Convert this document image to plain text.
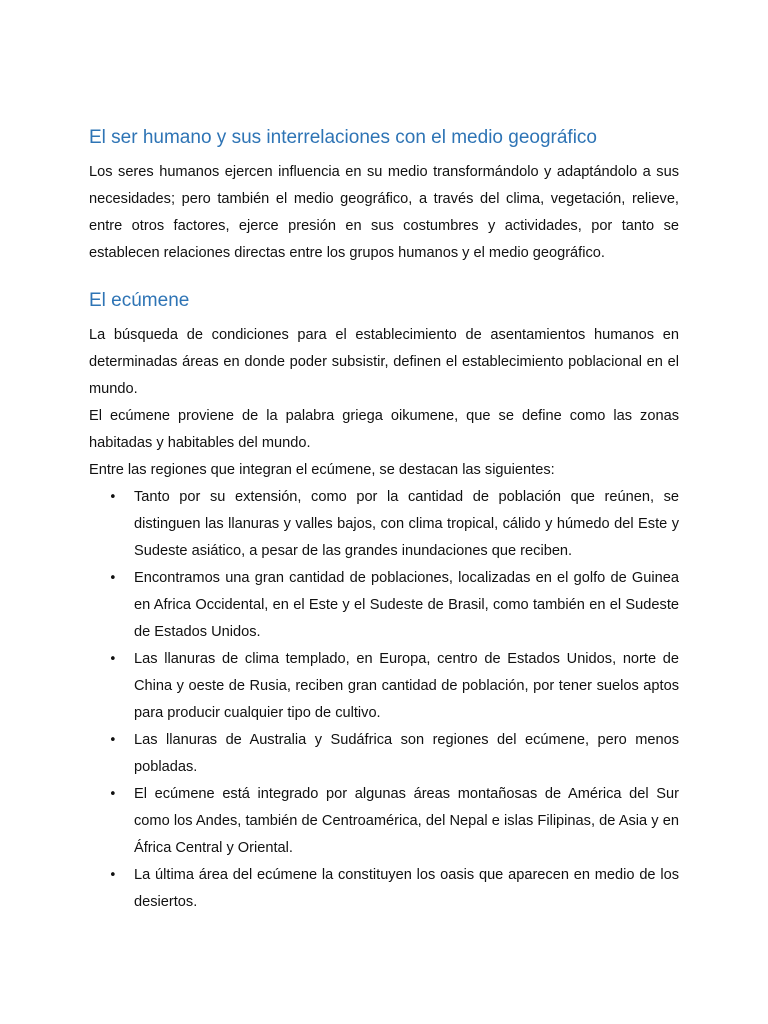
El ser humano y sus interrelaciones con el medio geográfico

Los seres humanos ejercen influencia en su medio transformándolo y adaptándolo a sus necesidades; pero también el medio geográfico, a través del clima, vegetación, relieve, entre otros factores, ejerce presión en sus costumbres y actividades, por tanto se establecen relaciones directas entre los grupos humanos y el medio geográfico.

El ecúmene

La búsqueda de condiciones para el establecimiento de asentamientos humanos en determinadas áreas en donde poder subsistir, definen el establecimiento poblacional en el mundo.

El ecúmene proviene de la palabra griega oikumene, que se define como las zonas habitadas y habitables del mundo.

Entre las regiones que integran el ecúmene, se destacan las siguientes:

• Tanto por su extensión, como por la cantidad de población que reúnen, se distinguen las llanuras y valles bajos, con clima tropical, cálido y húmedo del Este y Sudeste asiático, a pesar de las grandes inundaciones que reciben.
• Encontramos una gran cantidad de poblaciones, localizadas en el golfo de Guinea en Africa Occidental, en el Este y el Sudeste de Brasil, como también en el Sudeste de Estados Unidos.
• Las llanuras de clima templado, en Europa, centro de Estados Unidos, norte de China y oeste de Rusia, reciben gran cantidad de población, por tener suelos aptos para producir cualquier tipo de cultivo.
• Las llanuras de Australia y Sudáfrica son regiones del ecúmene, pero menos pobladas.
• El ecúmene está integrado por algunas áreas montañosas de América del Sur como los Andes, también de Centroamérica, del Nepal e islas Filipinas, de Asia y en África Central y Oriental.
• La última área del ecúmene la constituyen los oasis que aparecen en medio de los desiertos.
